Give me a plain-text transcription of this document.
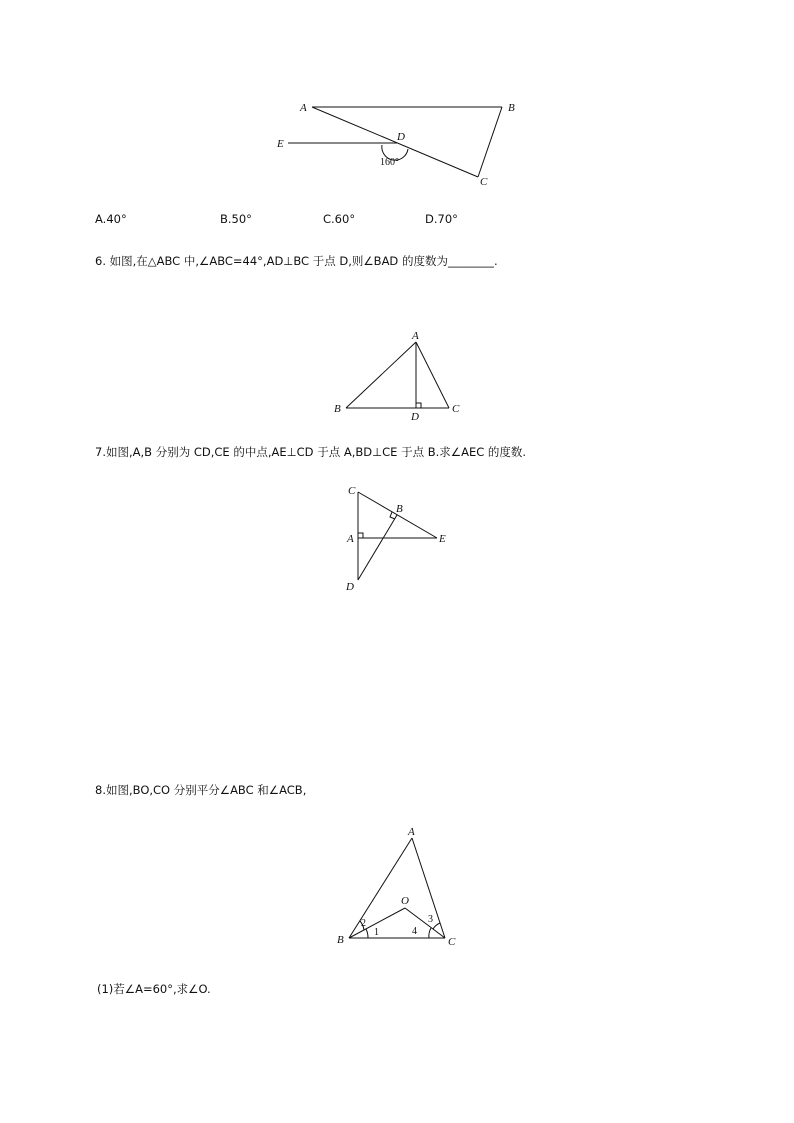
A	B
C
D
E
160°
A.40°	B.50°	C.60°	D.70°
6. 如图,在△ABC 中,∠ABC=44°,AD⊥BC 于点 D,则∠BAD 的度数为________.
A
B	C
D
7.如图,A,B 分别为 CD,CE 的中点,AE⊥CD 于点 A,BD⊥CE 于点 B.求∠AEC 的度数.
C
B
A	E
D
8.如图,BO,CO 分别平分∠ABC 和∠ACB,
A
O
B	C
1
2	3
4
(1)若∠A=60°,求∠O.
